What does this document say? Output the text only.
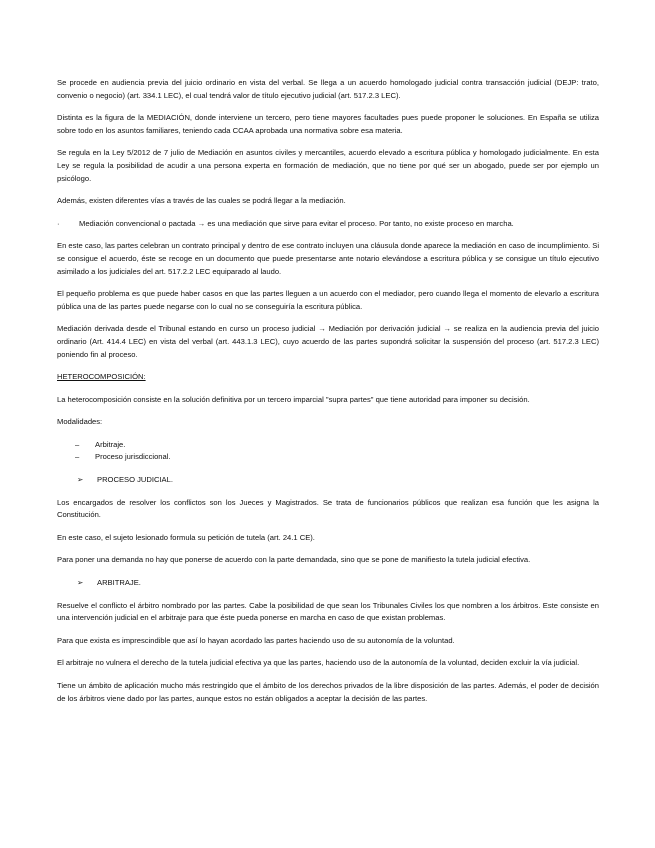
Se procede en audiencia previa del juicio ordinario en vista del verbal. Se llega a un acuerdo homologado judicial contra transacción judicial (DEJP: trato, convenio o negocio) (art. 334.1 LEC), el cual tendrá valor de título ejecutivo judicial (art. 517.2.3 LEC).

Distinta es la figura de la MEDIACIÓN, donde interviene un tercero, pero tiene mayores facultades pues puede proponer le soluciones. En España se utiliza sobre todo en los asuntos familiares, teniendo cada CCAA aprobada una normativa sobre esa materia.

Se regula en la Ley 5/2012 de 7 julio de Mediación en asuntos civiles y mercantiles, acuerdo elevado a escritura pública y homologado judicialmente. En esta Ley se regula la posibilidad de acudir a una persona experta en formación de mediación, que no tiene por qué ser un abogado, puede ser por ejemplo un psicólogo.

Además, existen diferentes vías a través de las cuales se podrá llegar a la mediación.

·	Mediación convencional o pactada → es una mediación que sirve para evitar el proceso. Por tanto, no existe proceso en marcha.

En este caso, las partes celebran un contrato principal y dentro de ese contrato incluyen una cláusula donde aparece la mediación en caso de incumplimiento. Si se consigue el acuerdo, éste se recoge en un documento que puede presentarse ante notario elevándose a escritura pública y se consigue un título ejecutivo asimilado a los judiciales del art. 517.2.2 LEC equiparado al laudo.

El pequeño problema es que puede haber casos en que las partes lleguen a un acuerdo con el mediador, pero cuando llega el momento de elevarlo a escritura pública una de las partes puede negarse con lo cual no se conseguiría la escritura pública.

Mediación derivada desde el Tribunal estando en curso un proceso judicial → Mediación por derivación judicial → se realiza en la audiencia previa del juicio ordinario (Art. 414.4 LEC) en vista del verbal (art. 443.1.3 LEC), cuyo acuerdo de las partes supondrá solicitar la suspensión del proceso (art. 517.2.3 LEC) poniendo fin al proceso.

HETEROCOMPOSICIÓN:

La heterocomposición consiste en la solución definitiva por un tercero imparcial "supra partes" que tiene autoridad para imponer su decisión.

Modalidades:

–	Arbitraje.
–	Proceso jurisdiccional.
➢	PROCESO JUDICIAL.

Los encargados de resolver los conflictos son los Jueces y Magistrados. Se trata de funcionarios públicos que realizan esa función que les asigna la Constitución.

En este caso, el sujeto lesionado formula su petición de tutela (art. 24.1 CE).

Para poner una demanda no hay que ponerse de acuerdo con la parte demandada, sino que se pone de manifiesto la tutela judicial efectiva.

➢	ARBITRAJE.

Resuelve el conflicto el árbitro nombrado por las partes. Cabe la posibilidad de que sean los Tribunales Civiles los que nombren a los árbitros. Este consiste en una intervención judicial en el arbitraje para que éste pueda ponerse en marcha en caso de que existan problemas.

Para que exista es imprescindible que así lo hayan acordado las partes haciendo uso de su autonomía de la voluntad.

El arbitraje no vulnera el derecho de la tutela judicial efectiva ya que las partes, haciendo uso de la autonomía de la voluntad, deciden excluir la vía judicial.

Tiene un ámbito de aplicación mucho más restringido que el ámbito de los derechos privados de la libre disposición de las partes. Además, el poder de decisión de los árbitros viene dado por las partes, aunque estos no están obligados a aceptar la decisión de las partes.
